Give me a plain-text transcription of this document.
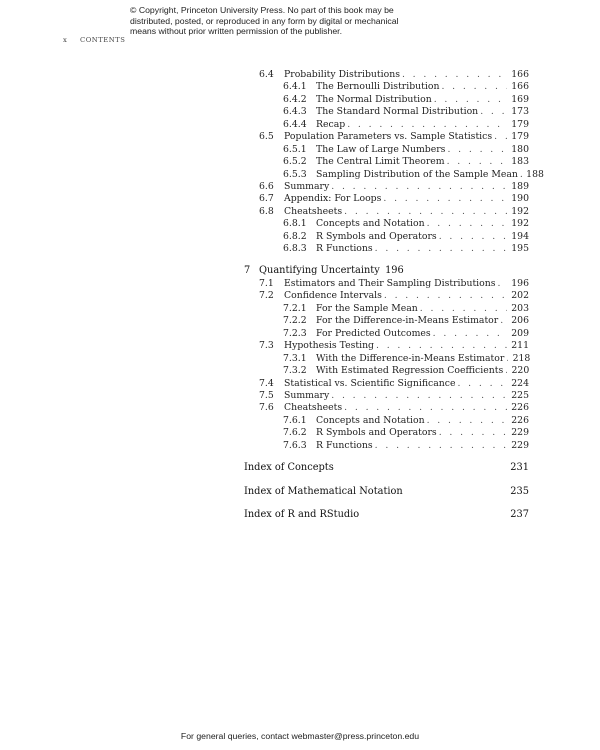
© Copyright, Princeton University Press. No part of this book may be
distributed, posted, or reproduced in any form by digital or mechanical
means without prior written permission of the publisher.
x CONTENTS
6.4	Probability Distributions . . .	166
6.4.1	The Bernoulli Distribution . . .	166
6.4.2	The Normal Distribution . . .	169
6.4.3	The Standard Normal Distribution . . .	173
6.4.4	Recap . . .	179
6.5	Population Parameters vs. Sample Statistics . . .	179
6.5.1	The Law of Large Numbers . . .	180
6.5.2	The Central Limit Theorem . . .	183
6.5.3	Sampling Distribution of the Sample Mean . . . 188
6.6	Summary . . .	189
6.7	Appendix: For Loops . . .	190
6.8	Cheatsheets . . .	192
6.8.1	Concepts and Notation . . .	192
6.8.2	R Symbols and Operators . . .	194
6.8.3	R Functions . . .	195
7 Quantifying Uncertainty 196
7.1	Estimators and Their Sampling Distributions . . .	196
7.2	Confidence Intervals . . .	202
7.2.1	For the Sample Mean . . .	203
7.2.2	For the Difference-in-Means Estimator . . .	206
7.2.3	For Predicted Outcomes . . .	209
7.3	Hypothesis Testing . . .	211
7.3.1	With the Difference-in-Means Estimator . . . 218
7.3.2	With Estimated Regression Coefficients . . . 220
7.4	Statistical vs. Scientific Significance . . .	224
7.5	Summary . . .	225
7.6	Cheatsheets . . .	226
7.6.1	Concepts and Notation . . .	226
7.6.2	R Symbols and Operators . . .	229
7.6.3	R Functions . . .	229
Index of Concepts	231
Index of Mathematical Notation	235
Index of R and RStudio	237
For general queries, contact webmaster@press.princeton.edu
